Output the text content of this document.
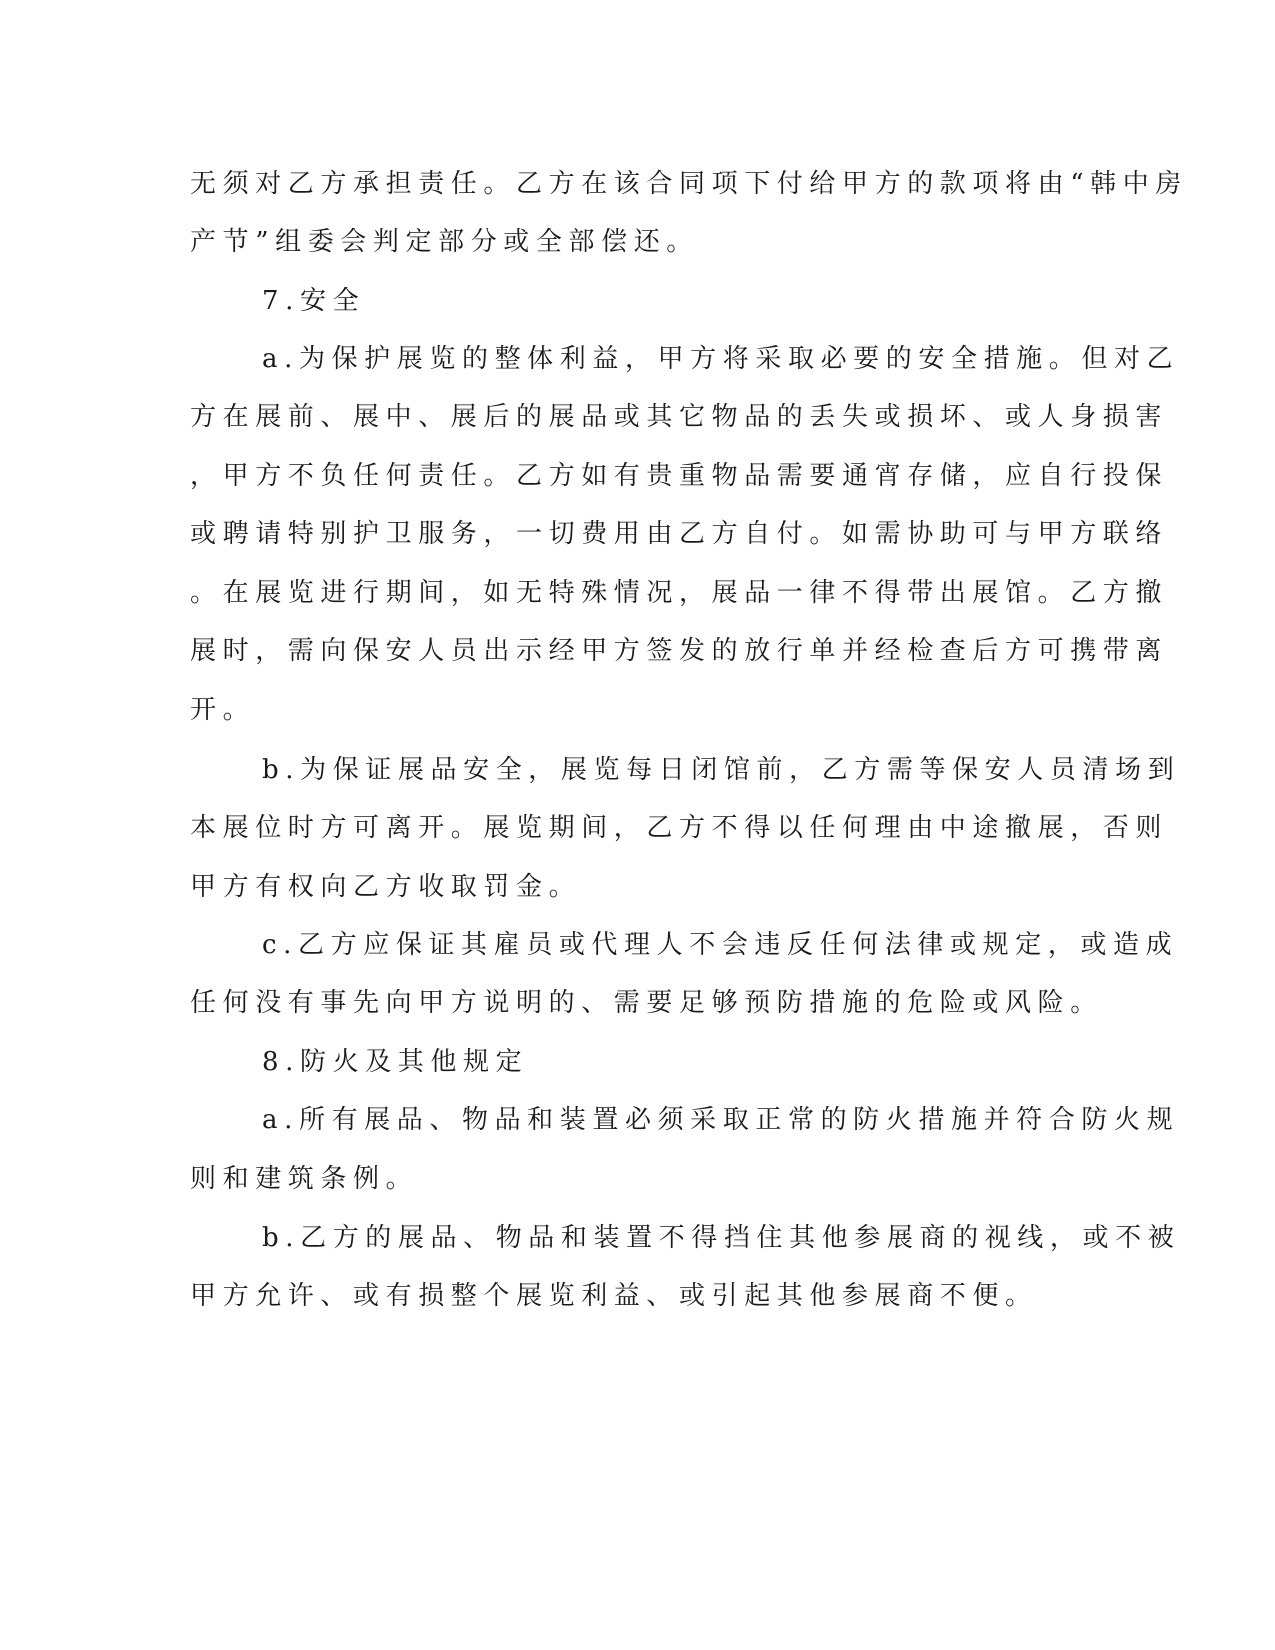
无须对乙方承担责任。乙方在该合同项下付给甲方的款项将由“韩中房
产节”组委会判定部分或全部偿还。
7.安全
a.为保护展览的整体利益，甲方将采取必要的安全措施。但对乙
方在展前、展中、展后的展品或其它物品的丢失或损坏、或人身损害
，甲方不负任何责任。乙方如有贵重物品需要通宵存储，应自行投保
或聘请特别护卫服务，一切费用由乙方自付。如需协助可与甲方联络
。在展览进行期间，如无特殊情况，展品一律不得带出展馆。乙方撤
展时，需向保安人员出示经甲方签发的放行单并经检查后方可携带离
开。
b.为保证展品安全，展览每日闭馆前，乙方需等保安人员清场到
本展位时方可离开。展览期间，乙方不得以任何理由中途撤展，否则
甲方有权向乙方收取罚金。
c.乙方应保证其雇员或代理人不会违反任何法律或规定，或造成
任何没有事先向甲方说明的、需要足够预防措施的危险或风险。
8.防火及其他规定
a.所有展品、物品和装置必须采取正常的防火措施并符合防火规
则和建筑条例。
b.乙方的展品、物品和装置不得挡住其他参展商的视线，或不被
甲方允许、或有损整个展览利益、或引起其他参展商不便。
